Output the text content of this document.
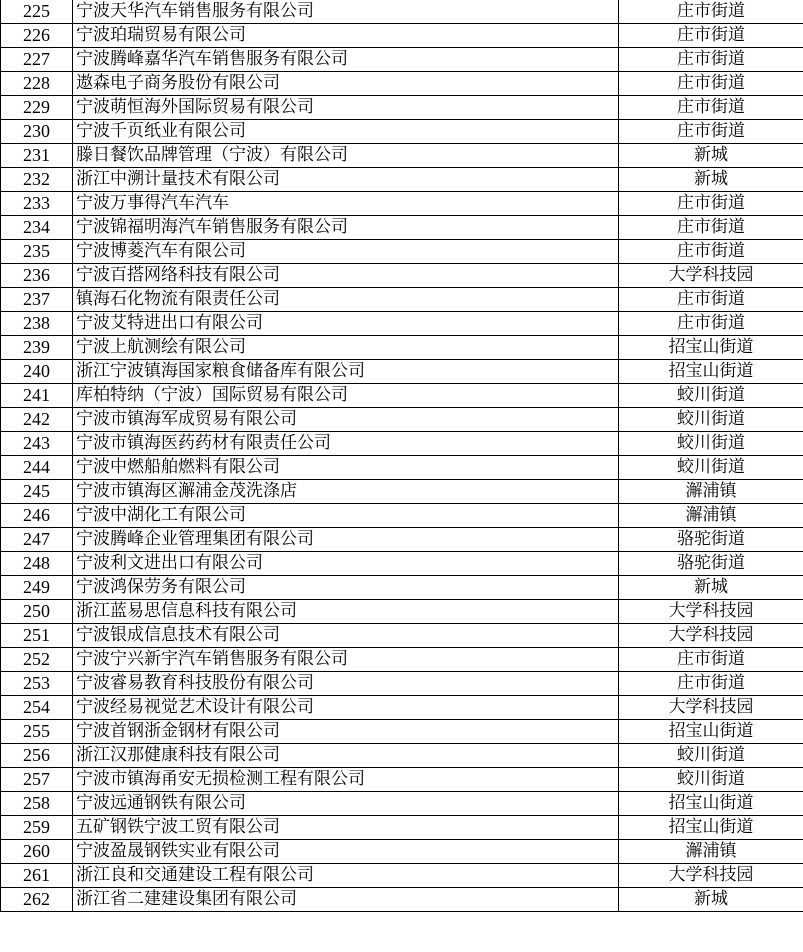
225	宁波天华汽车销售服务有限公司	庄市街道
226	宁波珀瑞贸易有限公司	庄市街道
227	宁波腾峰嘉华汽车销售服务有限公司	庄市街道
228	遨森电子商务股份有限公司	庄市街道
229	宁波萌恒海外国际贸易有限公司	庄市街道
230	宁波千页纸业有限公司	庄市街道
231	滕日餐饮品牌管理（宁波）有限公司	新城
232	浙江中溯计量技术有限公司	新城
233	宁波万事得汽车汽车	庄市街道
234	宁波锦福明海汽车销售服务有限公司	庄市街道
235	宁波博菱汽车有限公司	庄市街道
236	宁波百搭网络科技有限公司	大学科技园
237	镇海石化物流有限责任公司	庄市街道
238	宁波艾特进出口有限公司	庄市街道
239	宁波上航测绘有限公司	招宝山街道
240	浙江宁波镇海国家粮食储备库有限公司	招宝山街道
241	库柏特纳（宁波）国际贸易有限公司	蛟川街道
242	宁波市镇海军成贸易有限公司	蛟川街道
243	宁波市镇海医药药材有限责任公司	蛟川街道
244	宁波中燃船舶燃料有限公司	蛟川街道
245	宁波市镇海区澥浦金茂洗涤店	澥浦镇
246	宁波中湖化工有限公司	澥浦镇
247	宁波腾峰企业管理集团有限公司	骆驼街道
248	宁波利文进出口有限公司	骆驼街道
249	宁波鸿保劳务有限公司	新城
250	浙江蓝易思信息科技有限公司	大学科技园
251	宁波银成信息技术有限公司	大学科技园
252	宁波宁兴新宇汽车销售服务有限公司	庄市街道
253	宁波睿易教育科技股份有限公司	庄市街道
254	宁波经易视觉艺术设计有限公司	大学科技园
255	宁波首钢浙金钢材有限公司	招宝山街道
256	浙江汉那健康科技有限公司	蛟川街道
257	宁波市镇海甬安无损检测工程有限公司	蛟川街道
258	宁波远通钢铁有限公司	招宝山街道
259	五矿钢铁宁波工贸有限公司	招宝山街道
260	宁波盈晟钢铁实业有限公司	澥浦镇
261	浙江良和交通建设工程有限公司	大学科技园
262	浙江省二建建设集团有限公司	新城
